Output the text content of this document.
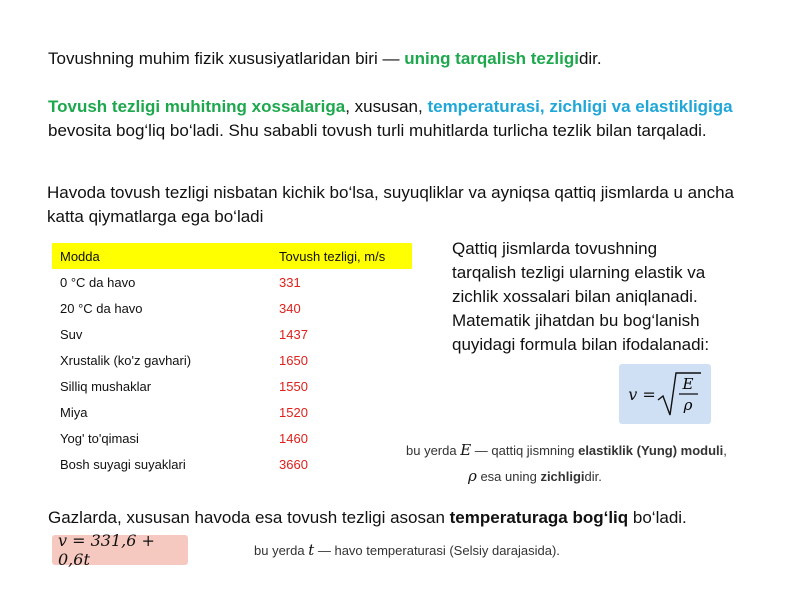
Tovushning muhim fizik xususiyatlaridan biri — uning tarqalish tezligidir.
Tovush tezligi muhitning xossalariga, xususan, temperaturasi, zichligi va elastikligiga
bevosita bog‘liq bo‘ladi. Shu sababli tovush turli muhitlarda turlicha tezlik bilan tarqaladi.
Havoda tovush tezligi nisbatan kichik bo‘lsa, suyuqliklar va ayniqsa qattiq jismlarda u ancha katta qiymatlarga ega bo‘ladi
Modda	Tovush tezligi, m/s
0 °C da havo	331
20 °C da havo	340
Suv	1437
Xrustalik (ko'z gavhari)	1650
Silliq mushaklar	1550
Miya	1520
Yog' to'qimasi	1460
Bosh suyagi suyaklari	3660
Qattiq jismlarda tovushning tarqalish tezligi ularning elastik va zichlik xossalari bilan aniqlanadi. Matematik jihatdan bu bog‘lanish quyidagi formula bilan ifodalanadi:
v =
E
ρ
bu yerda E — qattiq jismning elastiklik (Yung) moduli,
ρ esa uning zichligidir.
Gazlarda, xususan havoda esa tovush tezligi asosan temperaturaga bog‘liq bo‘ladi.
v = 331,6 + 0,6t	bu yerda t — havo temperaturasi (Selsiy darajasida).
